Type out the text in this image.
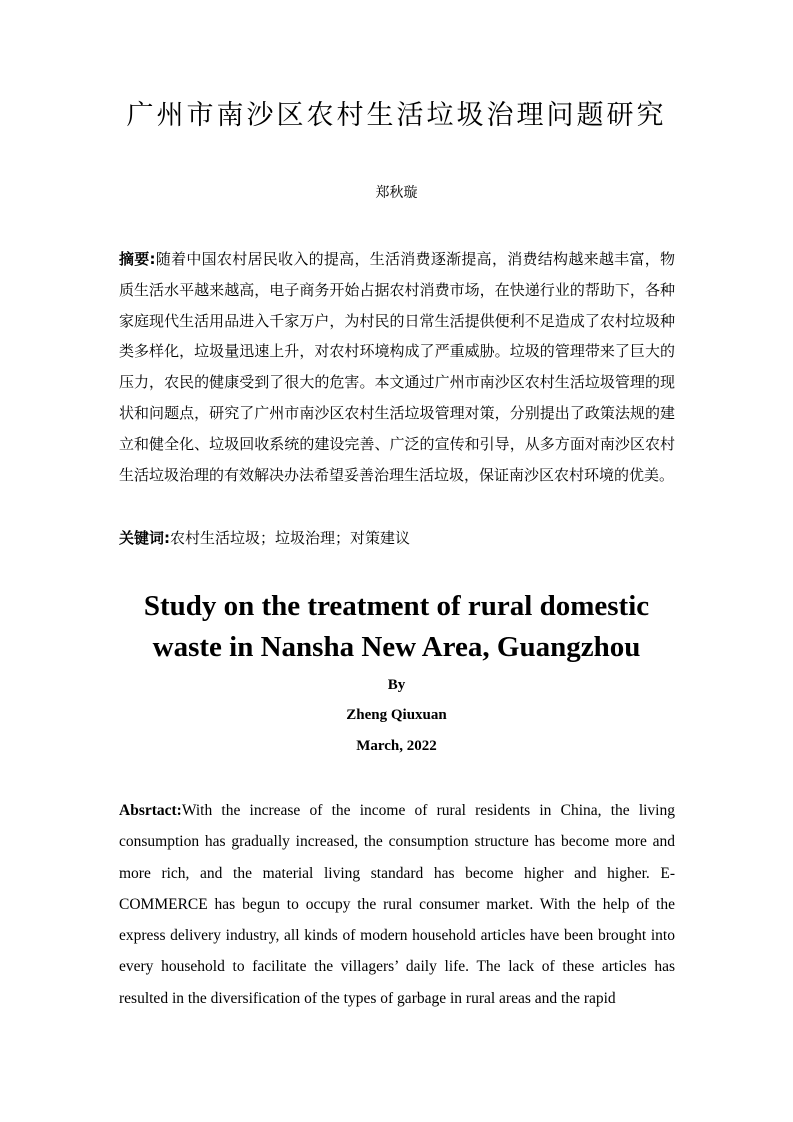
广州市南沙区农村生活垃圾治理问题研究
郑秋璇
摘要:随着中国农村居民收入的提高，生活消费逐渐提高，消费结构越来越丰富，物质生活水平越来越高，电子商务开始占据农村消费市场，在快递行业的帮助下，各种家庭现代生活用品进入千家万户，为村民的日常生活提供便利不足造成了农村垃圾种类多样化，垃圾量迅速上升，对农村环境构成了严重威胁。垃圾的管理带来了巨大的压力，农民的健康受到了很大的危害。本文通过广州市南沙区农村生活垃圾管理的现状和问题点，研究了广州市南沙区农村生活垃圾管理对策，分别提出了政策法规的建立和健全化、垃圾回收系统的建设完善、广泛的宣传和引导，从多方面对南沙区农村生活垃圾治理的有效解决办法希望妥善治理生活垃圾，保证南沙区农村环境的优美。
关键词:农村生活垃圾；垃圾治理；对策建议
Study on the treatment of rural domestic
waste in Nansha New Area, Guangzhou
By
Zheng Qiuxuan
March, 2022
Absrtact:With the increase of the income of rural residents in China, the living consumption has gradually increased, the consumption structure has become more and more rich, and the material living standard has become higher and higher. E-COMMERCE has begun to occupy the rural consumer market. With the help of the express delivery industry, all kinds of modern household articles have been brought into every household to facilitate the villagers’ daily life. The lack of these articles has resulted in the diversification of the types of garbage in rural areas and the rapid
